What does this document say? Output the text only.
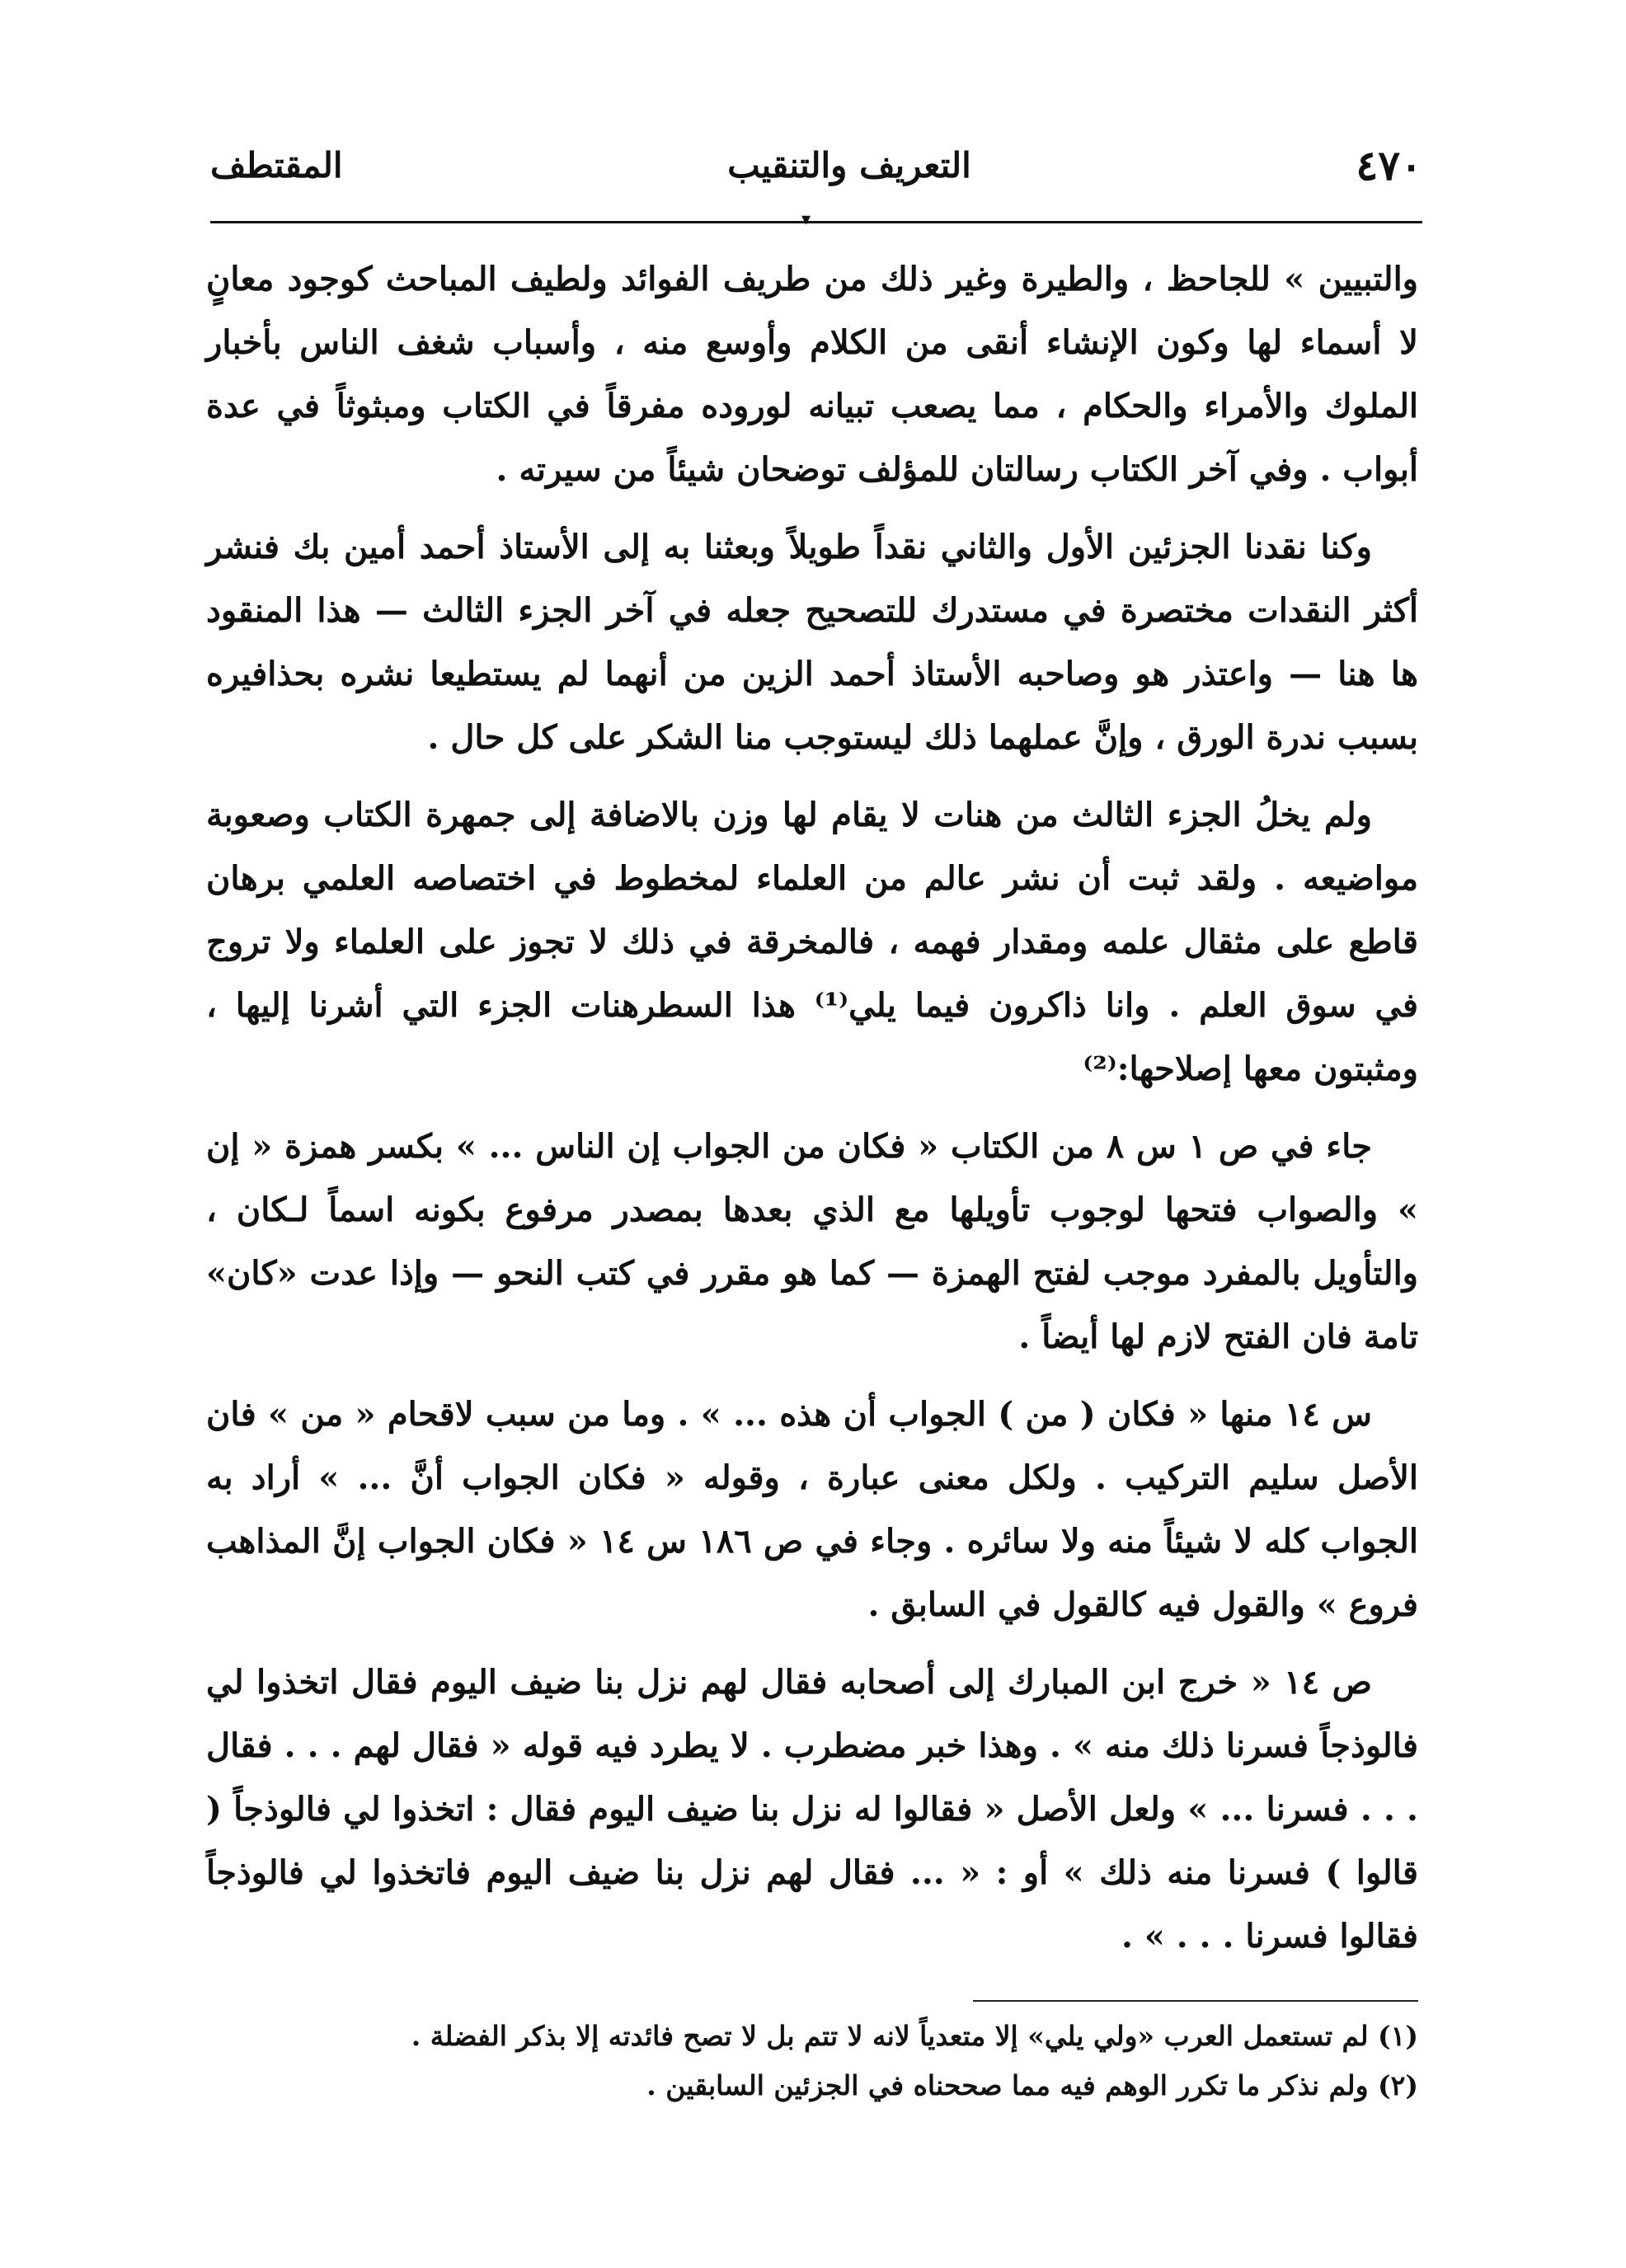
٤٧٠
التعريف والتنقيب
المقتطف
▾

والتبيين » للجاحظ ، والطيرة وغير ذلك من طريف الفوائد ولطيف المباحث كوجود معانٍ لا أسماء لها وكون الإنشاء أنقى من الكلام وأوسع منه ، وأسباب شغف الناس بأخبار الملوك والأمراء والحكام ، مما يصعب تبيانه لوروده مفرقاً في الكتاب ومبثوثاً في عدة أبواب . وفي آخر الكتاب رسالتان للمؤلف توضحان شيئاً من سيرته .

وكنا نقدنا الجزئين الأول والثاني نقداً طويلاً وبعثنا به إلى الأستاذ أحمد أمين بك فنشر أكثر النقدات مختصرة في مستدرك للتصحيح جعله في آخر الجزء الثالث — هذا المنقود ها هنا — واعتذر هو وصاحبه الأستاذ أحمد الزين من أنهما لم يستطيعا نشره بحذافيره بسبب ندرة الورق ، وإنَّ عملهما ذلك ليستوجب منا الشكر على كل حال .

ولم يخلُ الجزء الثالث من هنات لا يقام لها وزن بالاضافة إلى جمهرة الكتاب وصعوبة مواضيعه . ولقد ثبت أن نشر عالم من العلماء لمخطوط في اختصاصه العلمي برهان قاطع على مثقال علمه ومقدار فهمه ، فالمخرقة في ذلك لا تجوز على العلماء ولا تروج في سوق العلم . وانا ذاكرون فيما يلي⁽¹⁾ هذا السطرهنات الجزء التي أشرنا إليها ، ومثبتون معها إصلاحها:⁽²⁾

جاء في ص ١ س ٨ من الكتاب « فكان من الجواب إن الناس ... » بكسر همزة « إن » والصواب فتحها لوجوب تأويلها مع الذي بعدها بمصدر مرفوع بكونه اسماً لـكان ، والتأويل بالمفرد موجب لفتح الهمزة — كما هو مقرر في كتب النحو — وإذا عدت «كان» تامة فان الفتح لازم لها أيضاً .

س ١٤ منها « فكان ( من ) الجواب أن هذه ... » . وما من سبب لاقحام « من » فان الأصل سليم التركيب . ولكل معنى عبارة ، وقوله « فكان الجواب أنَّ ... » أراد به الجواب كله لا شيئاً منه ولا سائره . وجاء في ص ١٨٦ س ١٤ « فكان الجواب إنَّ المذاهب فروع » والقول فيه كالقول في السابق .

ص ١٤ « خرج ابن المبارك إلى أصحابه فقال لهم نزل بنا ضيف اليوم فقال اتخذوا لي فالوذجاً فسرنا ذلك منه » . وهذا خبر مضطرب . لا يطرد فيه قوله « فقال لهم . . . فقال . . . فسرنا ... » ولعل الأصل « فقالوا له نزل بنا ضيف اليوم فقال : اتخذوا لي فالوذجاً ( قالوا ) فسرنا منه ذلك » أو : « ... فقال لهم نزل بنا ضيف اليوم فاتخذوا لي فالوذجاً فقالوا فسرنا . . . » .

(١) لم تستعمل العرب «ولي يلي» إلا متعدياً لانه لا تتم بل لا تصح فائدته إلا بذكر الفضلة .

(٢) ولم نذكر ما تكرر الوهم فيه مما صححناه في الجزئين السابقين .
